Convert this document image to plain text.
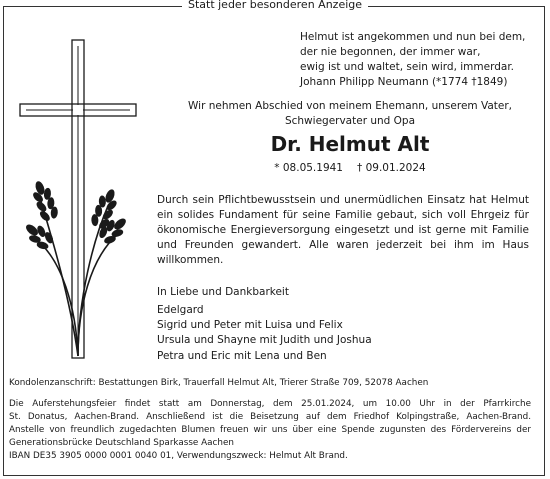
Statt jeder besonderen Anzeige
Helmut ist angekommen und nun bei dem,
der nie begonnen, der immer war,
ewig ist und waltet, sein wird, immerdar.
Johann Philipp Neumann (*1774 †1849)
Wir nehmen Abschied von meinem Ehemann, unserem Vater,
Schwiegervater und Opa
Dr. Helmut Alt
* 08.05.1941 † 09.01.2024
Durch sein Pflichtbewusstsein und unermüdlichen Einsatz hat Helmut ein solides Fundament für seine Familie gebaut, sich voll Ehrgeiz für ökonomische Energieversorgung eingesetzt und ist gerne mit Familie und Freunden gewandert. Alle waren jederzeit bei ihm im Haus willkommen.
In Liebe und Dankbarkeit
Edelgard
Sigrid und Peter mit Luisa und Felix
Ursula und Shayne mit Judith und Joshua
Petra und Eric mit Lena und Ben
Kondolenzanschrift: Bestattungen Birk, Trauerfall Helmut Alt, Trierer Straße 709, 52078 Aachen
Die Auferstehungsfeier findet statt am Donnerstag, dem 25.01.2024, um 10.00 Uhr in der Pfarrkirche
St. Donatus, Aachen-Brand. Anschließend ist die Beisetzung auf dem Friedhof Kolpingstraße, Aachen-Brand.
Anstelle von freundlich zugedachten Blumen freuen wir uns über eine Spende zugunsten des Fördervereins der
Generationsbrücke Deutschland Sparkasse Aachen
IBAN DE35 3905 0000 0001 0040 01, Verwendungszweck: Helmut Alt Brand.
